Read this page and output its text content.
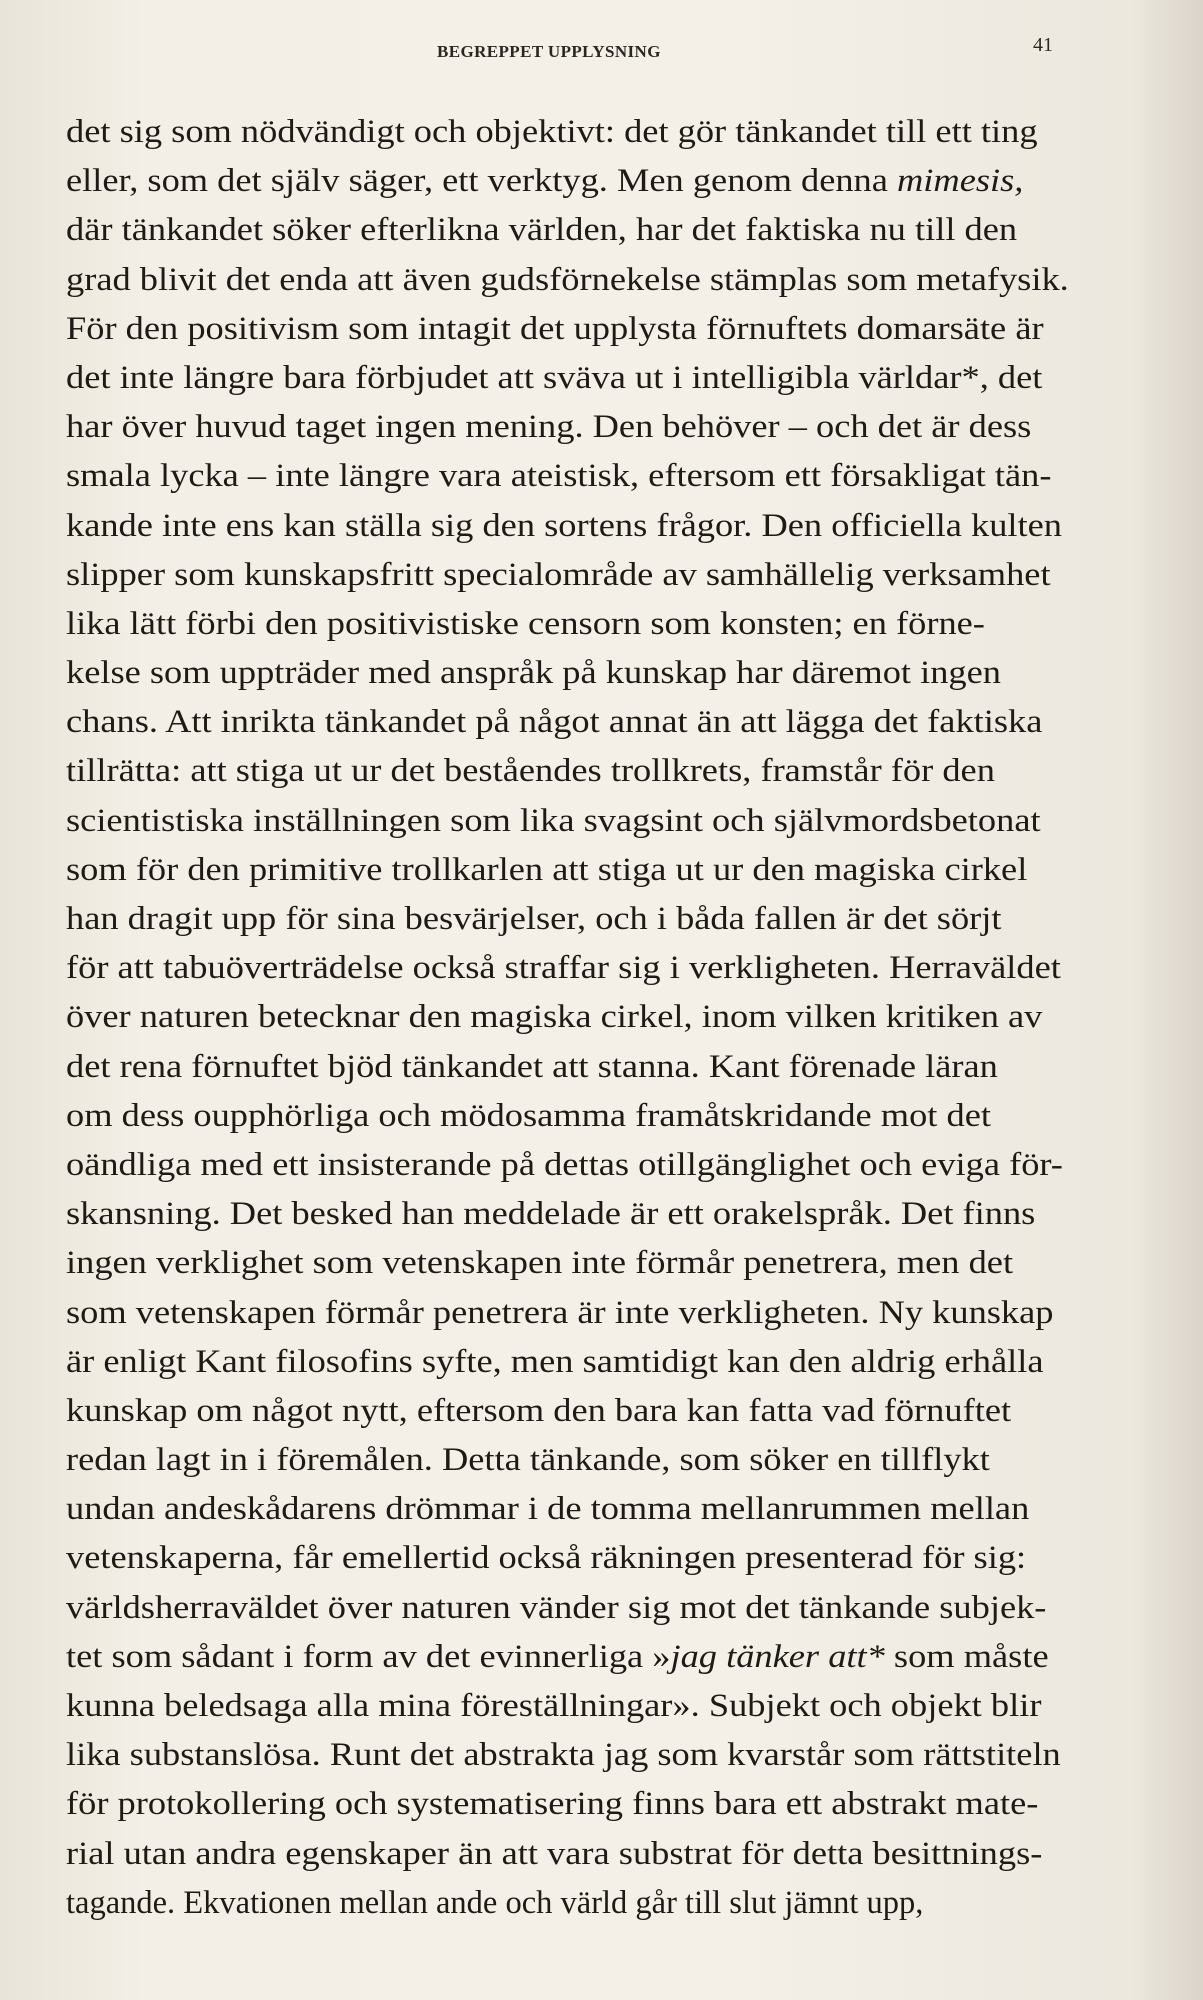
BEGREPPET UPPLYSNING	41
det sig som nödvändigt och objektivt: det gör tänkandet till ett ting
eller, som det själv säger, ett verktyg. Men genom denna mimesis,
där tänkandet söker efterlikna världen, har det faktiska nu till den
grad blivit det enda att även gudsförnekelse stämplas som metafysik.
För den positivism som intagit det upplysta förnuftets domarsäte är
det inte längre bara förbjudet att sväva ut i intelligibla världar*, det
har över huvud taget ingen mening. Den behöver – och det är dess
smala lycka – inte längre vara ateistisk, eftersom ett försakligat tän-
kande inte ens kan ställa sig den sortens frågor. Den officiella kulten
slipper som kunskapsfritt specialområde av samhällelig verksamhet
lika lätt förbi den positivistiske censorn som konsten; en förne-
kelse som uppträder med anspråk på kunskap har däremot ingen
chans. Att inrikta tänkandet på något annat än att lägga det faktiska
tillrätta: att stiga ut ur det beståendes trollkrets, framstår för den
scientistiska inställningen som lika svagsint och självmordsbetonat
som för den primitive trollkarlen att stiga ut ur den magiska cirkel
han dragit upp för sina besvärjelser, och i båda fallen är det sörjt
för att tabuöverträdelse också straffar sig i verkligheten. Herraväldet
över naturen betecknar den magiska cirkel, inom vilken kritiken av
det rena förnuftet bjöd tänkandet att stanna. Kant förenade läran
om dess oupphörliga och mödosamma framåtskridande mot det
oändliga med ett insisterande på dettas otillgänglighet och eviga för-
skansning. Det besked han meddelade är ett orakelspråk. Det finns
ingen verklighet som vetenskapen inte förmår penetrera, men det
som vetenskapen förmår penetrera är inte verkligheten. Ny kunskap
är enligt Kant filosofins syfte, men samtidigt kan den aldrig erhålla
kunskap om något nytt, eftersom den bara kan fatta vad förnuftet
redan lagt in i föremålen. Detta tänkande, som söker en tillflykt
undan andeskådarens drömmar i de tomma mellanrummen mellan
vetenskaperna, får emellertid också räkningen presenterad för sig:
världsherraväldet över naturen vänder sig mot det tänkande subjek-
tet som sådant i form av det evinnerliga »jag tänker att* som måste
kunna beledsaga alla mina föreställningar». Subjekt och objekt blir
lika substanslösa. Runt det abstrakta jag som kvarstår som rättstiteln
för protokollering och systematisering finns bara ett abstrakt mate-
rial utan andra egenskaper än att vara substrat för detta besittnings-
tagande. Ekvationen mellan ande och värld går till slut jämnt upp,
